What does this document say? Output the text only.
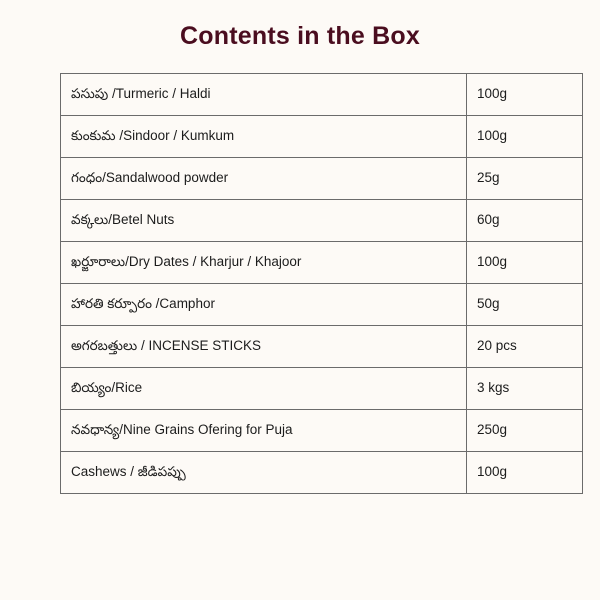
Contents in the Box
పసుపు /Turmeric / Haldi	100g
కుంకుమ /Sindoor / Kumkum	100g
గంధం/Sandalwood powder	25g
వక్కలు/Betel Nuts	60g
ఖర్జూరాలు/Dry Dates / Kharjur / Khajoor	100g
హారతి కర్పూరం /Camphor	50g
అగరబత్తులు / INCENSE STICKS	20 pcs
బియ్యం/Rice	3 kgs
నవధాన్య/Nine Grains Ofering for Puja	250g
Cashews / జీడిపప్పు	100g
